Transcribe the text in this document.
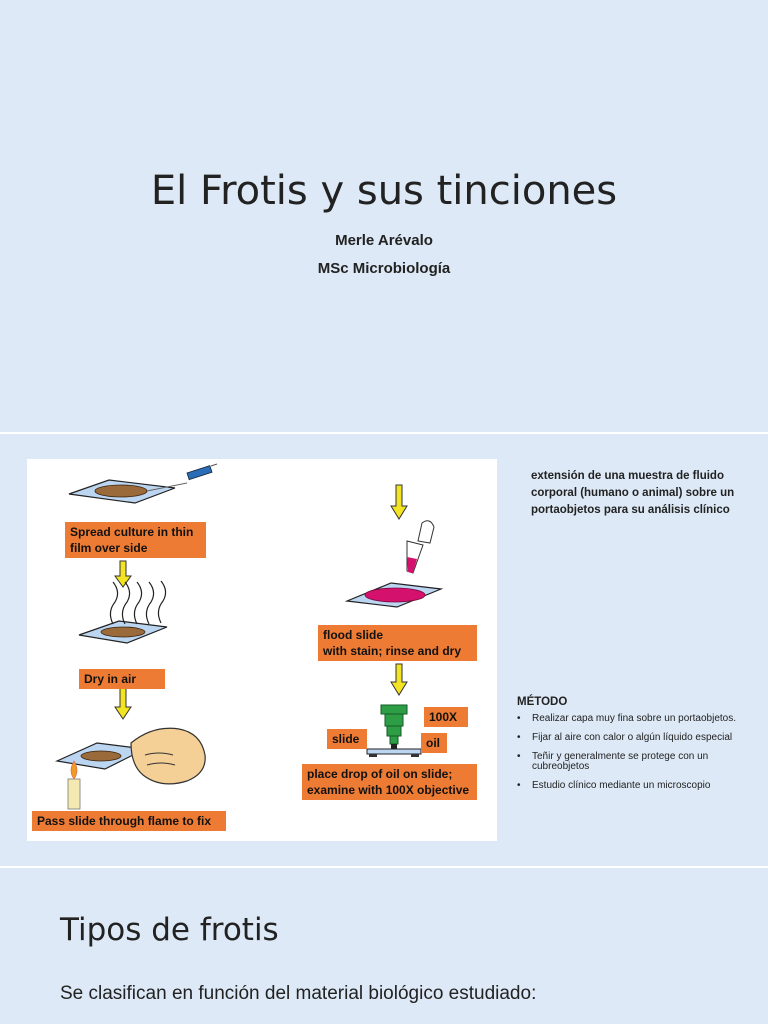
El Frotis y sus tinciones
Merle Arévalo
MSc Microbiología
Spread culture in thin
film over side
Dry in air
Pass slide through flame to fix
flood slide
with stain; rinse and dry
100X
slide	oil
place drop of oil on slide;
examine with 100X objective

extensión de una muestra de fluido corporal (humano o animal) sobre un portaobjetos para su análisis clínico

MÉTODO
• Realizar capa muy fina sobre un portaobjetos.
• Fijar al aire con calor o algún líquido especial
• Teñir y generalmente se protege con un cubreobjetos
• Estudio clínico mediante un microscopio
Tipos de frotis
Se clasifican en función del material biológico estudiado:
